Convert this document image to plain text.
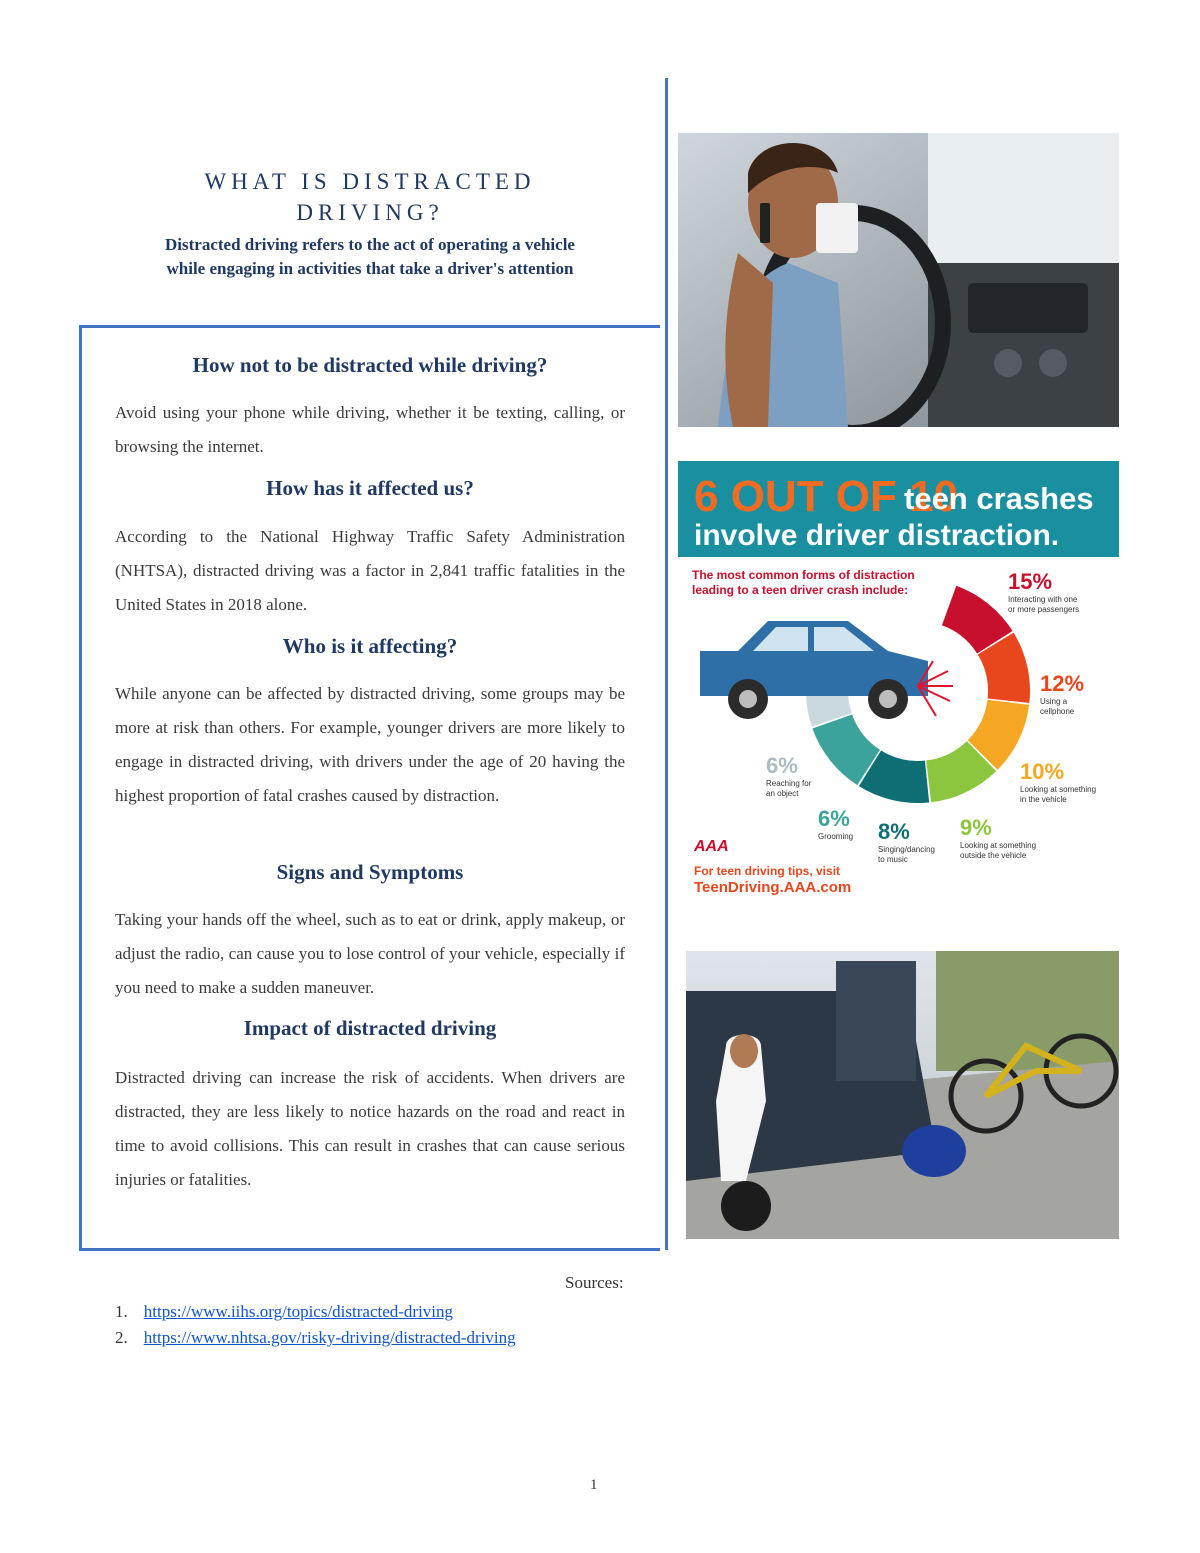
WHAT IS DISTRACTED
DRIVING?
Distracted driving refers to the act of operating a vehicle
while engaging in activities that take a driver's attention
How not to be distracted while driving?
Avoid using your phone while driving, whether it be texting, calling, or browsing the internet.
How has it affected us?
According to the National Highway Traffic Safety Administration (NHTSA), distracted driving was a factor in 2,841 traffic fatalities in the United States in 2018 alone.
Who is it affecting?
While anyone can be affected by distracted driving, some groups may be more at risk than others. For example, younger drivers are more likely to engage in distracted driving, with drivers under the age of 20 having the highest proportion of fatal crashes caused by distraction.
Signs and Symptoms
Taking your hands off the wheel, such as to eat or drink, apply makeup, or adjust the radio, can cause you to lose control of your vehicle, especially if you need to make a sudden maneuver.
Impact of distracted driving
Distracted driving can increase the risk of accidents. When drivers are distracted, they are less likely to notice hazards on the road and react in time to avoid collisions. This can result in crashes that can cause serious injuries or fatalities.
Sources:
1. https://www.iihs.org/topics/distracted-driving
2. https://www.nhtsa.gov/risky-driving/distracted-driving
1
6 OUT OF 10
teen crashes
involve driver distraction.
The most common forms of distraction
leading to a teen driver crash include:	15%
Interacting with one
or more passengers
12%
Using a
cellphone
10%
Looking at something
in the vehicle
9%
Looking at something
outside the vehicle
8%
Singing/dancing
to music
6%
Grooming
6%
Reaching for
an object
AAA
For teen driving tips, visit
TeenDriving.AAA.com
